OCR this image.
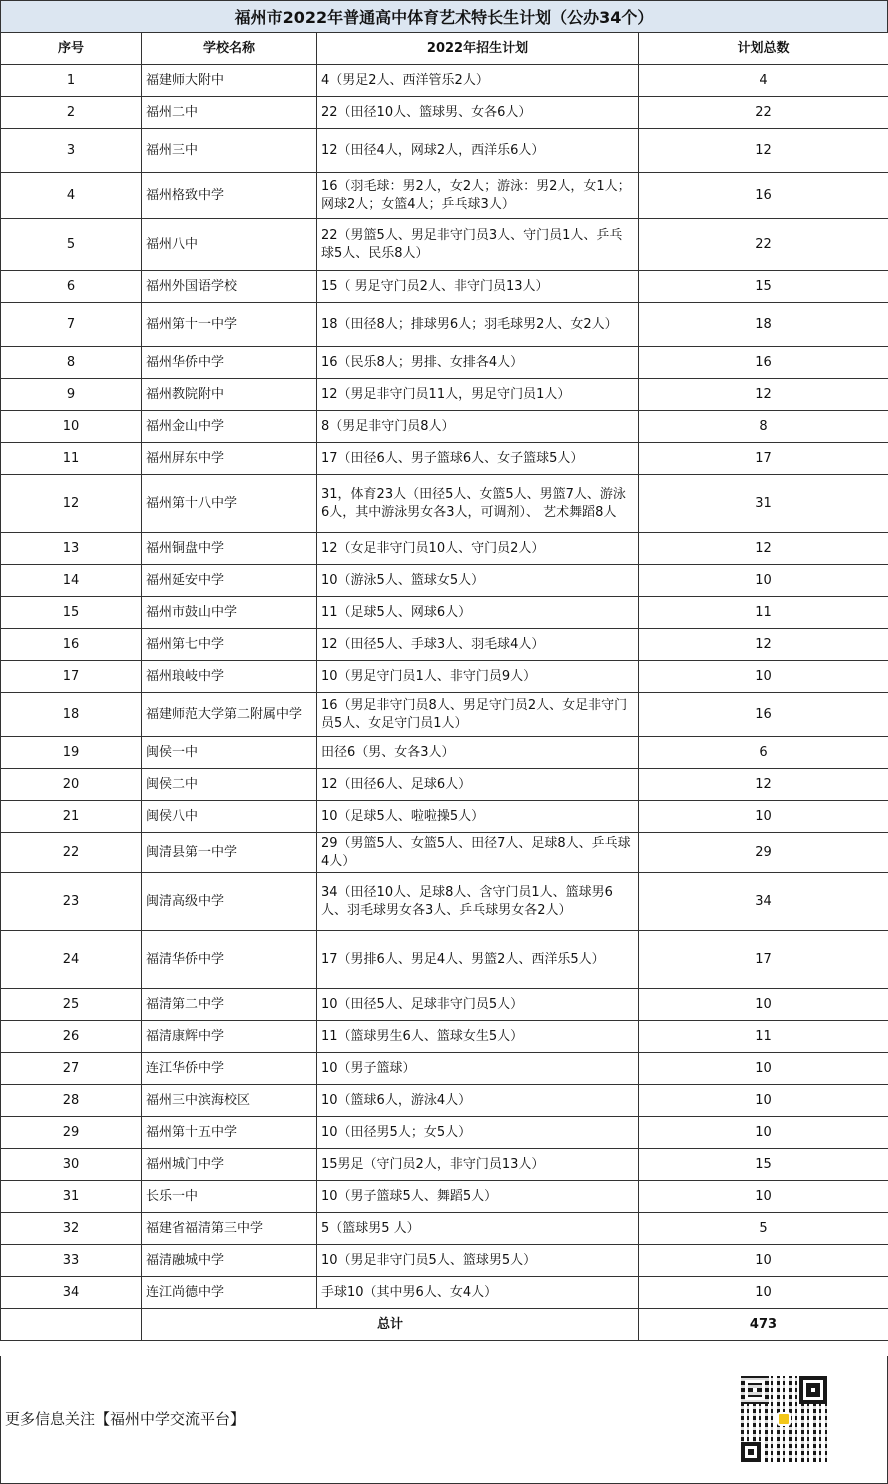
福州市2022年普通高中体育艺术特长生计划（公办34个）
序号	学校名称	2022年招生计划	计划总数
1	福建师大附中	4（男足2人、西洋管乐2人）	4
2	福州二中	22（田径10人、篮球男、女各6人）	22
3	福州三中	12（田径4人，网球2人，西洋乐6人）	12
4	福州格致中学	16（羽毛球：男2人，女2人；游泳：男2人，女1人；网球2人；女篮4人；乒乓球3人）	16
5	福州八中	22（男篮5人、男足非守门员3人、守门员1人、乒乓球5人、民乐8人）	22
6	福州外国语学校	15（ 男足守门员2人、非守门员13人）	15
7	福州第十一中学	18（田径8人；排球男6人；羽毛球男2人、女2人）	18
8	福州华侨中学	16（民乐8人；男排、女排各4人）	16
9	福州教院附中	12（男足非守门员11人，男足守门员1人）	12
10	福州金山中学	8（男足非守门员8人）	8
11	福州屏东中学	17（田径6人、男子篮球6人、女子篮球5人）	17
12	福州第十八中学	31，体育23人（田径5人、女篮5人、男篮7人、游泳6人，其中游泳男女各3人，可调剂）、 艺术舞蹈8人	31
13	福州铜盘中学	12（女足非守门员10人、守门员2人）	12
14	福州延安中学	10（游泳5人、篮球女5人）	10
15	福州市鼓山中学	11（足球5人、网球6人）	11
16	福州第七中学	12（田径5人、手球3人、羽毛球4人）	12
17	福州琅岐中学	10（男足守门员1人、非守门员9人）	10
18	福建师范大学第二附属中学	16（男足非守门员8人、男足守门员2人、女足非守门员5人、女足守门员1人）	16
19	闽侯一中	田径6（男、女各3人）	6
20	闽侯二中	12（田径6人、足球6人）	12
21	闽侯八中	10（足球5人、啦啦操5人）	10
22	闽清县第一中学	29（男篮5人、女篮5人、田径7人、足球8人、乒乓球4人）	29
23	闽清高级中学	34（田径10人、足球8人、含守门员1人、篮球男6人、羽毛球男女各3人、乒乓球男女各2人）	34
24	福清华侨中学	17（男排6人、男足4人、男篮2人、西洋乐5人）	17
25	福清第二中学	10（田径5人、足球非守门员5人）	10
26	福清康辉中学	11（篮球男生6人、篮球女生5人）	11
27	连江华侨中学	10（男子篮球）	10
28	福州三中滨海校区	10（篮球6人，游泳4人）	10
29	福州第十五中学	10（田径男5人；女5人）	10
30	福州城门中学	15男足（守门员2人，非守门员13人）	15
31	长乐一中	10（男子篮球5人、舞蹈5人）	10
32	福建省福清第三中学	5（篮球男5 人）	5
33	福清融城中学	10（男足非守门员5人、篮球男5人）	10
34	连江尚德中学	手球10（其中男6人、女4人）	10
	总计		473
更多信息关注【福州中学交流平台】
